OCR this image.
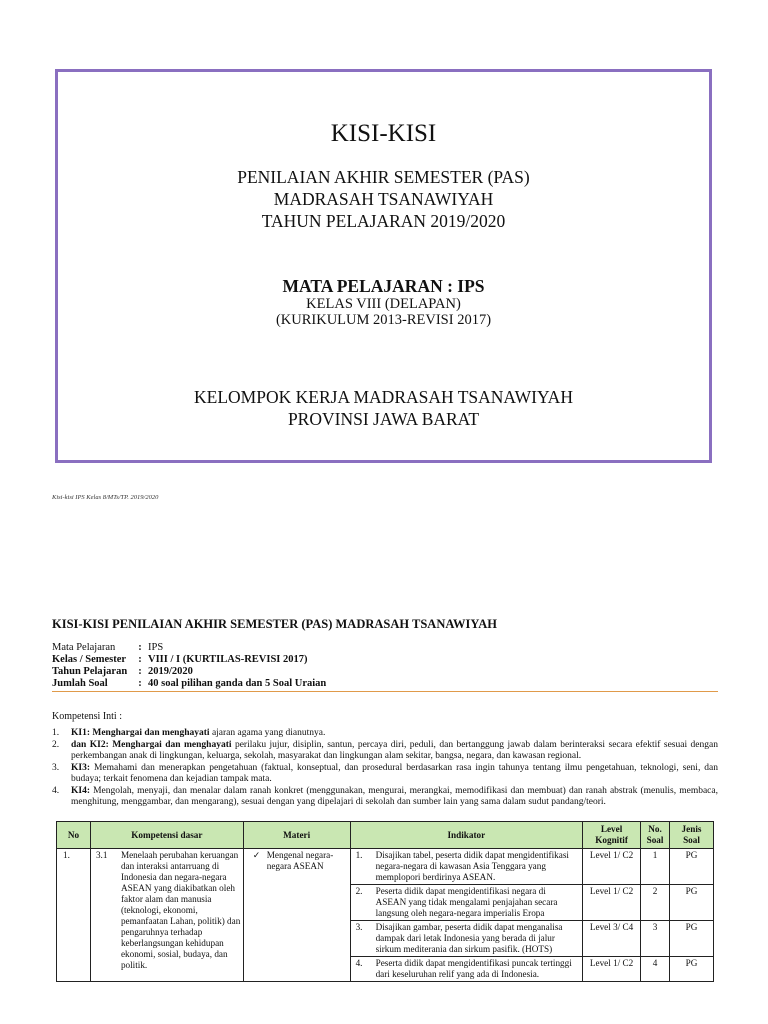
KISI-KISI
PENILAIAN AKHIR SEMESTER (PAS)
MADRASAH TSANAWIYAH
TAHUN PELAJARAN 2019/2020
MATA PELAJARAN : IPS
KELAS VIII (DELAPAN)
(KURIKULUM 2013-REVISI 2017)
KELOMPOK KERJA MADRASAH TSANAWIYAH
PROVINSI JAWA BARAT
Kisi-kisi IPS Kelas 8/MTs/TP. 2019/2020
KISI-KISI PENILAIAN AKHIR SEMESTER (PAS) MADRASAH TSANAWIYAH
Mata Pelajaran	: IPS
Kelas / Semester	: VIII / I (KURTILAS-REVISI 2017)
Tahun Pelajaran	: 2019/2020
Jumlah Soal	: 40 soal pilihan ganda dan 5 Soal Uraian
Kompetensi Inti :
1.	KI1: Menghargai dan menghayati ajaran agama yang dianutnya.
2.	dan KI2: Menghargai dan menghayati perilaku jujur, disiplin, santun, percaya diri, peduli, dan bertanggung jawab dalam berinteraksi secara efektif sesuai dengan perkembangan anak di lingkungan, keluarga, sekolah, masyarakat dan lingkungan alam sekitar, bangsa, negara, dan kawasan regional.
3.	KI3: Memahami dan menerapkan pengetahuan (faktual, konseptual, dan prosedural berdasarkan rasa ingin tahunya tentang ilmu pengetahuan, teknologi, seni, dan budaya; terkait fenomena dan kejadian tampak mata.
4.	KI4: Mengolah, menyaji, dan menalar dalam ranah konkret (menggunakan, mengurai, merangkai, memodifikasi dan membuat) dan ranah abstrak (menulis, membaca, menghitung, menggambar, dan mengarang), sesuai dengan yang dipelajari di sekolah dan sumber lain yang sama dalam sudut pandang/teori.
No	Kompetensi dasar	Materi	Indikator	Level Kognitif	No. Soal	Jenis Soal
1.	3.1 Menelaah perubahan keruangan dan interaksi antarruang di Indonesia dan negara-negara ASEAN yang diakibatkan oleh faktor alam dan manusia (teknologi, ekonomi, pemanfaatan Lahan, politik) dan pengaruhnya terhadap keberlangsungan kehidupan ekonomi, sosial, budaya, dan politik.	✓ Mengenal negara-negara ASEAN	1. Disajikan tabel, peserta didik dapat mengidentifikasi negara-negara di kawasan Asia Tenggara yang memplopori berdirinya ASEAN.	Level 1/ C2	1	PG

			2. Peserta didik dapat mengidentifikasi negara di ASEAN yang tidak mengalami penjajahan secara langsung oleh negara-negara imperialis Eropa	Level 1/ C2	2	PG

			3. Disajikan gambar, peserta didik dapat menganalisa dampak dari letak Indonesia yang berada di jalur sirkum mediterania dan sirkum pasifik. (HOTS)	Level 3/ C4	3	PG

			4. Peserta didik dapat mengidentifikasi puncak tertinggi dari keseluruhan relif yang ada di Indonesia.	Level 1/ C2	4	PG
